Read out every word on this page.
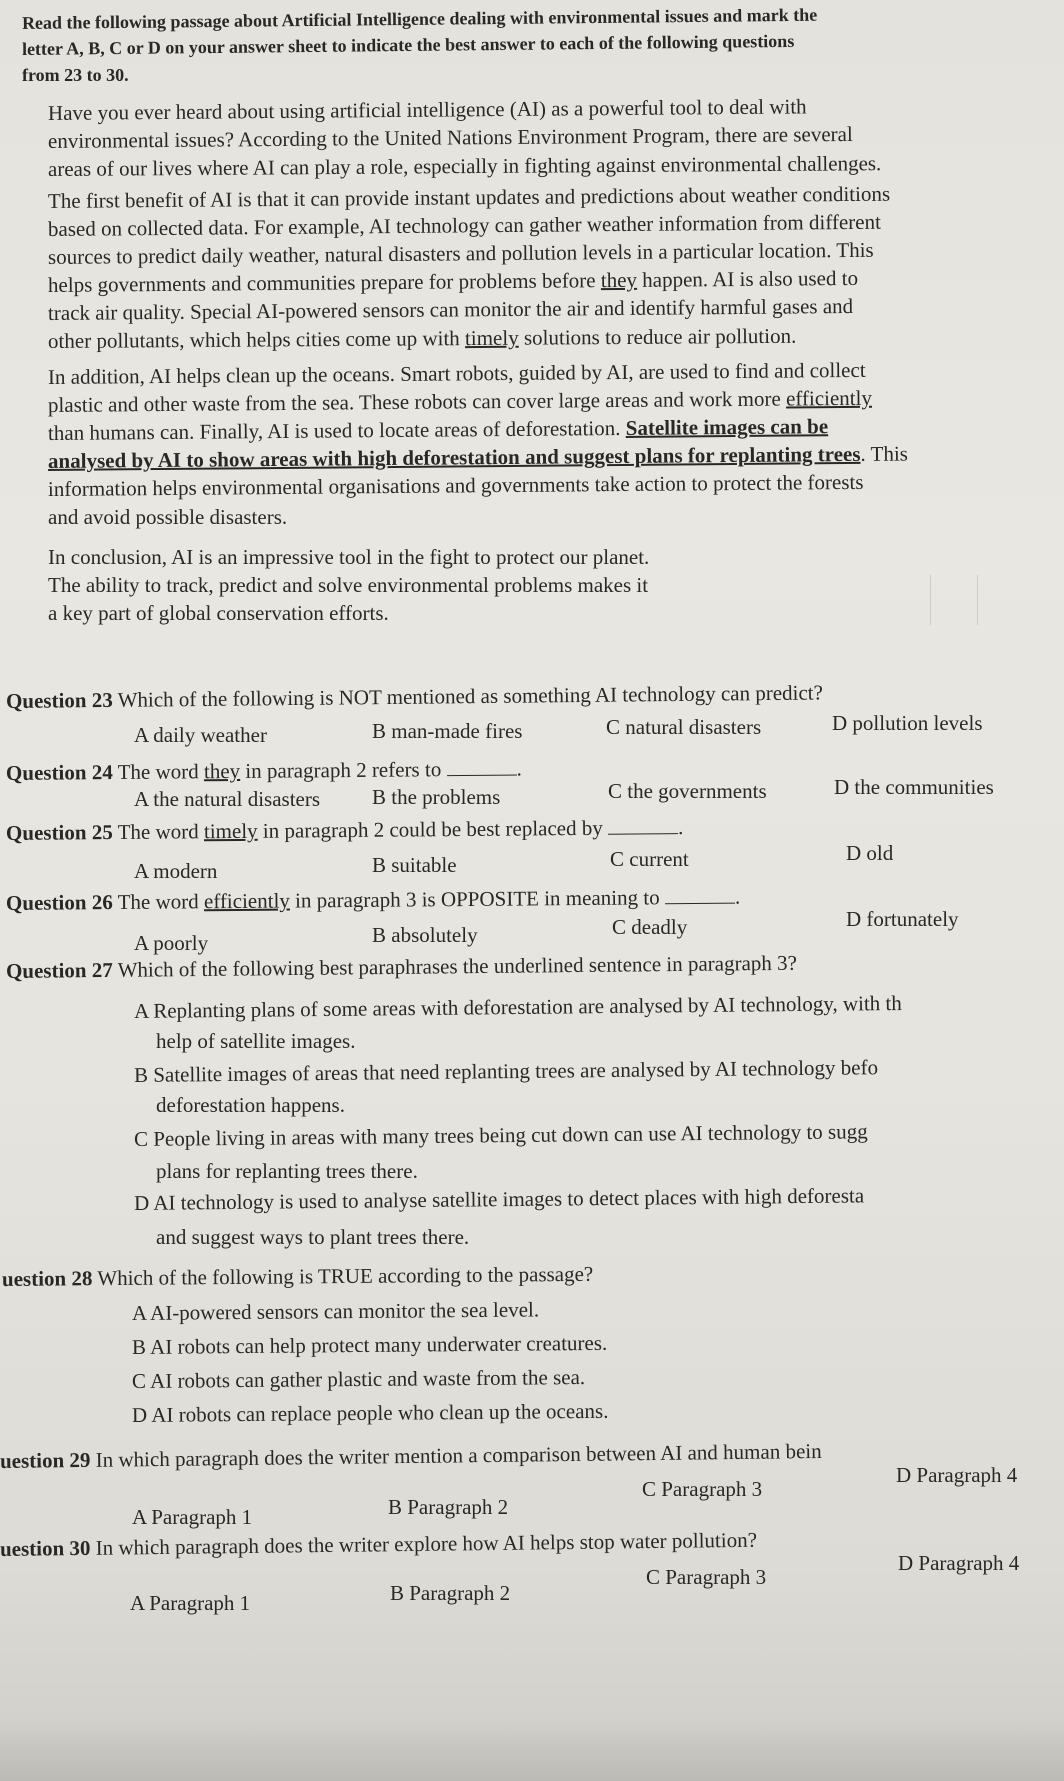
Read the following passage about Artificial Intelligence dealing with environmental issues and mark the
letter A, B, C or D on your answer sheet to indicate the best answer to each of the following questions
from 23 to 30.
Have you ever heard about using artificial intelligence (AI) as a powerful tool to deal with
environmental issues? According to the United Nations Environment Program, there are several
areas of our lives where AI can play a role, especially in fighting against environmental challenges.
The first benefit of AI is that it can provide instant updates and predictions about weather conditions
based on collected data. For example, AI technology can gather weather information from different
sources to predict daily weather, natural disasters and pollution levels in a particular location. This
helps governments and communities prepare for problems before they happen. AI is also used to
track air quality. Special AI-powered sensors can monitor the air and identify harmful gases and
other pollutants, which helps cities come up with timely solutions to reduce air pollution.
In addition, AI helps clean up the oceans. Smart robots, guided by AI, are used to find and collect
plastic and other waste from the sea. These robots can cover large areas and work more efficiently
than humans can. Finally, AI is used to locate areas of deforestation. Satellite images can be
analysed by AI to show areas with high deforestation and suggest plans for replanting trees. This
information helps environmental organisations and governments take action to protect the forests
and avoid possible disasters.
In conclusion, AI is an impressive tool in the fight to protect our planet.
The ability to track, predict and solve environmental problems makes it
a key part of global conservation efforts.
Question 23 Which of the following is NOT mentioned as something AI technology can predict?
A daily weather	B man-made fires	C natural disasters	D pollution levels
Question 24 The word they in paragraph 2 refers to	.
A the natural disasters B the problems	C the governments	D the communities
Question 25 The word timely in paragraph 2 could be best replaced by	.
A modern	B suitable	C current	D old
Question 26 The word efficiently in paragraph 3 is OPPOSITE in meaning to	.
A poorly	B absolutely	C deadly	D fortunately
Question 27 Which of the following best paraphrases the underlined sentence in paragraph 3?
A Replanting plans of some areas with deforestation are analysed by AI technology, with th
help of satellite images.
B Satellite images of areas that need replanting trees are analysed by AI technology befo
deforestation happens.
C People living in areas with many trees being cut down can use AI technology to sugg
plans for replanting trees there.
D AI technology is used to analyse satellite images to detect places with high deforesta
and suggest ways to plant trees there.
uestion 28 Which of the following is TRUE according to the passage?
A AI-powered sensors can monitor the sea level.
B AI robots can help protect many underwater creatures.
C AI robots can gather plastic and waste from the sea.
D AI robots can replace people who clean up the oceans.
uestion 29 In which paragraph does the writer mention a comparison between AI and human bein
A Paragraph 1	B Paragraph 2
C Paragraph 3
D Paragraph 4
uestion 30 In which paragraph does the writer explore how AI helps stop water pollution?
A Paragraph 1	B Paragraph 2
C Paragraph 3
D Paragraph 4
